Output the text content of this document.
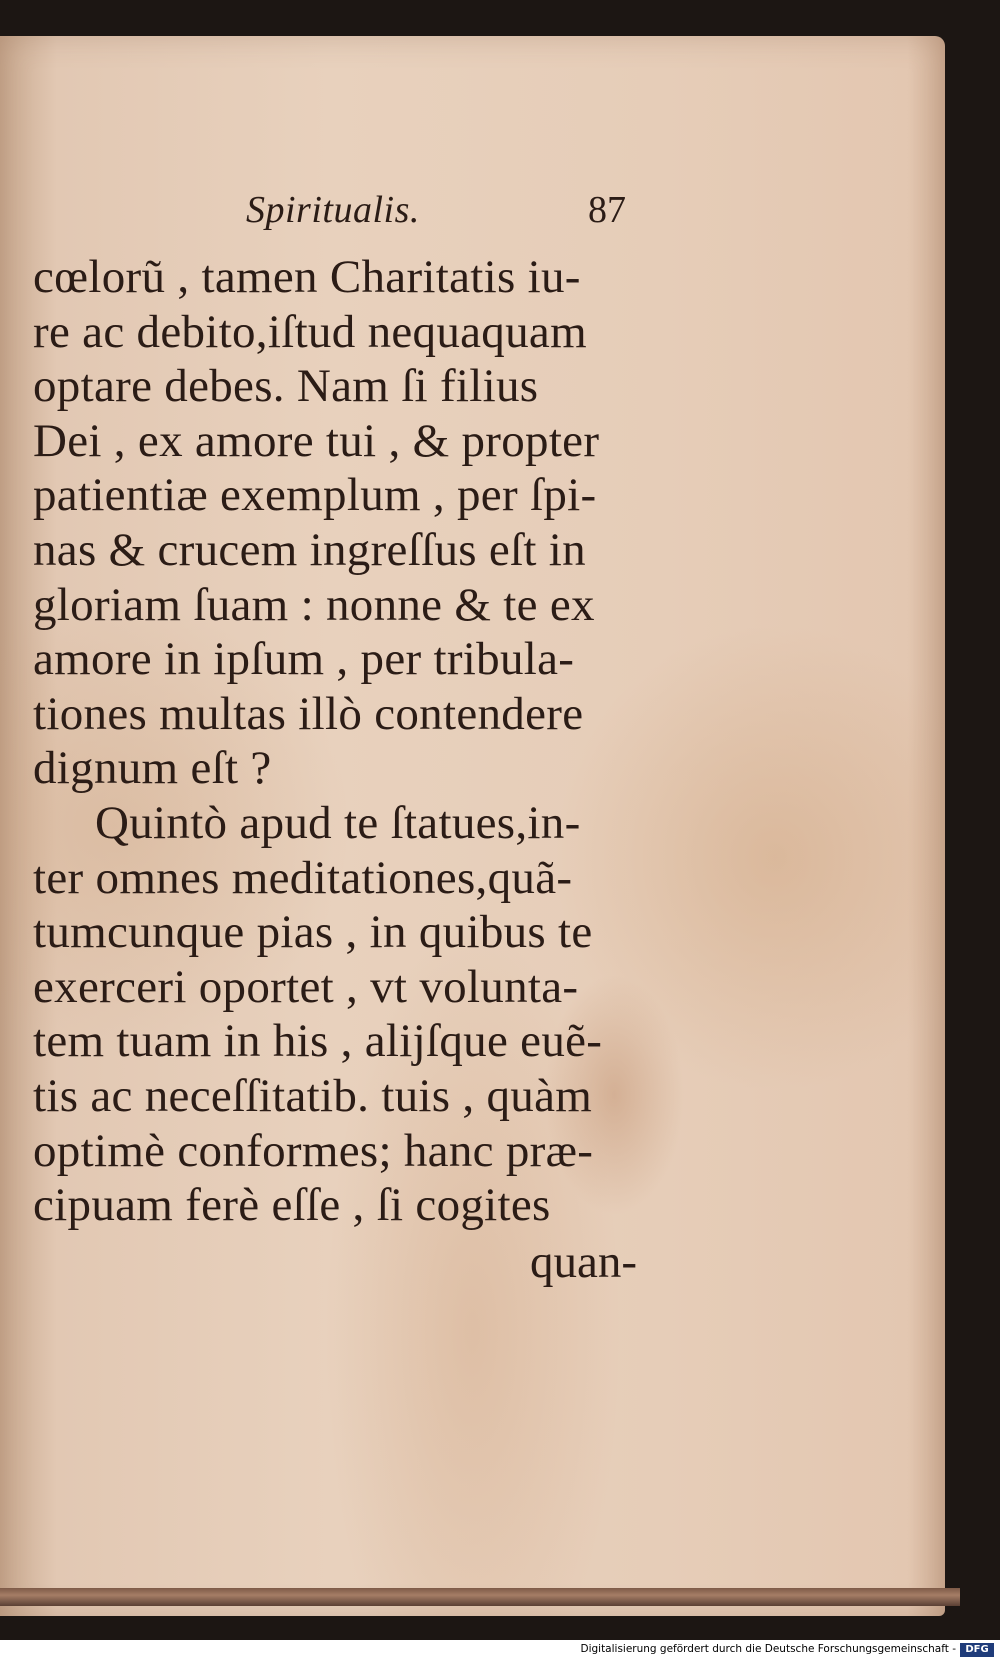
Spiritualis.	87
cœlorũ , tamen Charitatis iu-
re ac debito,iſtud nequaquam
optare debes. Nam ſi filius
Dei , ex amore tui , & propter
patientiæ exemplum , per ſpi-
nas & crucem ingreſſus eſt in
gloriam ſuam : nonne & te ex
amore in ipſum , per tribula-
tiones multas illò contendere
dignum eſt ?
Quintò apud te ſtatues,in-
ter omnes meditationes,quã-
tumcunque pias , in quibus te
exerceri oportet , vt volunta-
tem tuam in his , alijſque euẽ-
tis ac neceſſitatib. tuis , quàm
optimè conformes; hanc præ-
cipuam ferè eſſe , ſi cogites
quan-
Digitalisierung gefördert durch die Deutsche Forschungsgemeinschaft - DFG
